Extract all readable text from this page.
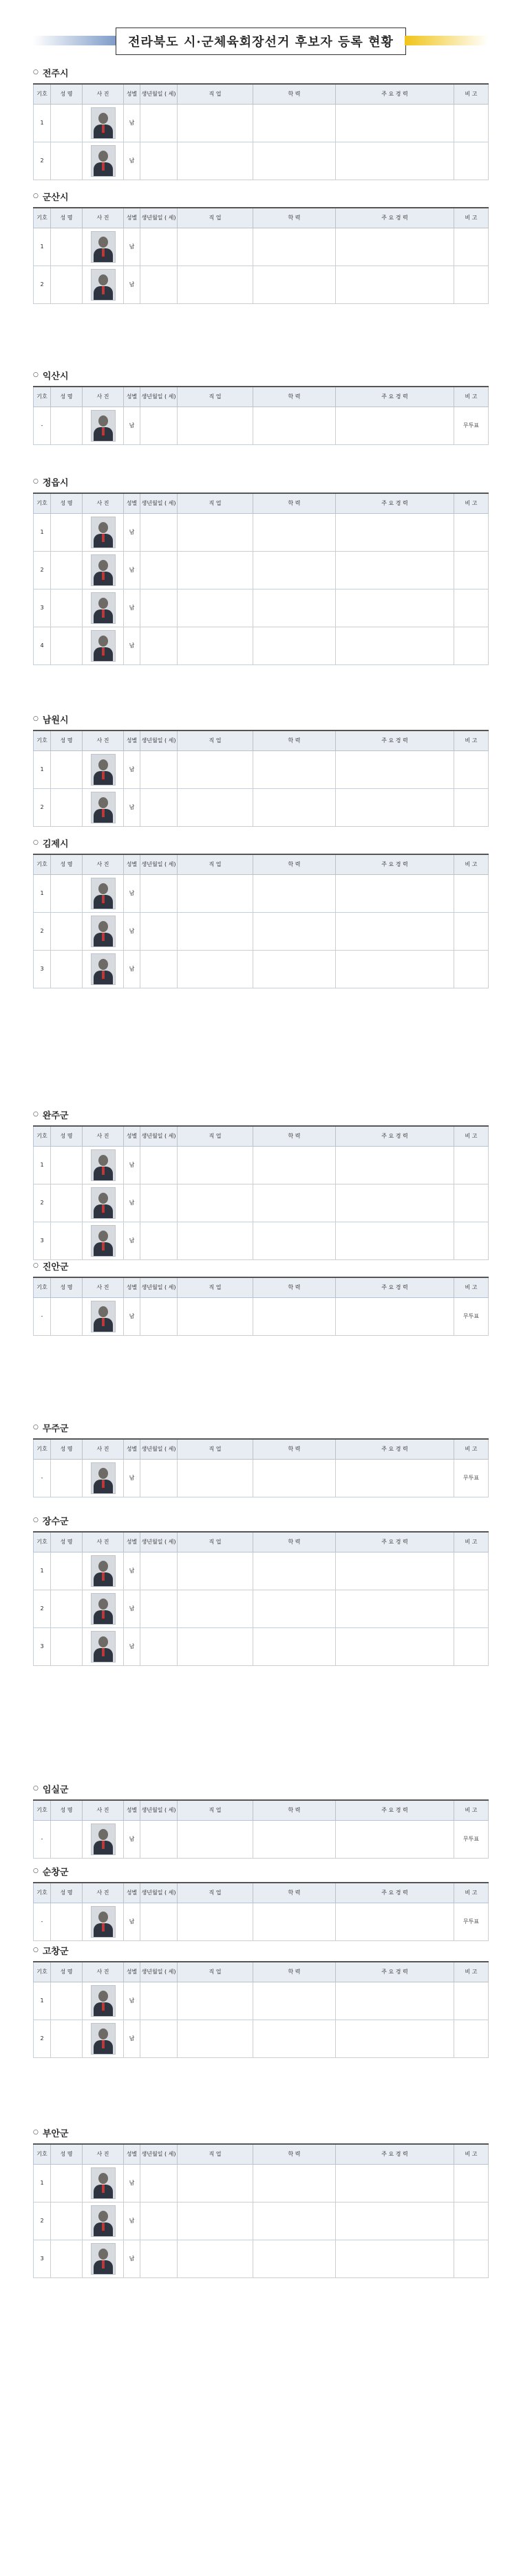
전라북도 시·군체육회장선거 후보자 등록 현황
○ 전주시
기호	성 명	사 진	성별	생년월일 ( 세)	직 업	학 력	주 요 경 력	비 고
1			남					
2			남					
○ 군산시
기호	성 명	사 진	성별	생년월일 ( 세)	직 업	학 력	주 요 경 력	비 고
1			남					
2			남					
○ 익산시
기호	성 명	사 진	성별	생년월일 ( 세)	직 업	학 력	주 요 경 력	비 고
-			남					무투표
○ 정읍시
기호	성 명	사 진	성별	생년월일 ( 세)	직 업	학 력	주 요 경 력	비 고
1			남					
2			남					
3			남					
4			남					
○ 남원시
기호	성 명	사 진	성별	생년월일 ( 세)	직 업	학 력	주 요 경 력	비 고
1			남					
2			남					
○ 김제시
기호	성 명	사 진	성별	생년월일 ( 세)	직 업	학 력	주 요 경 력	비 고
1			남					
2			남					
3			남					
○ 완주군
기호	성 명	사 진	성별	생년월일 ( 세)	직 업	학 력	주 요 경 력	비 고
1			남					
2			남					
3			남					
○ 진안군
기호	성 명	사 진	성별	생년월일 ( 세)	직 업	학 력	주 요 경 력	비 고
-			남					무투표
○ 무주군
기호	성 명	사 진	성별	생년월일 ( 세)	직 업	학 력	주 요 경 력	비 고
-			남					무투표
○ 장수군
기호	성 명	사 진	성별	생년월일 ( 세)	직 업	학 력	주 요 경 력	비 고
1			남					
2			남					
3			남					
○ 임실군
기호	성 명	사 진	성별	생년월일 ( 세)	직 업	학 력	주 요 경 력	비 고
-			남					무투표
○ 순창군
기호	성 명	사 진	성별	생년월일 ( 세)	직 업	학 력	주 요 경 력	비 고
-			남					무투표
○ 고창군
기호	성 명	사 진	성별	생년월일 ( 세)	직 업	학 력	주 요 경 력	비 고
1			남					
2			남					
○ 부안군
기호	성 명	사 진	성별	생년월일 ( 세)	직 업	학 력	주 요 경 력	비 고
1			남					
2			남					
3			남					
